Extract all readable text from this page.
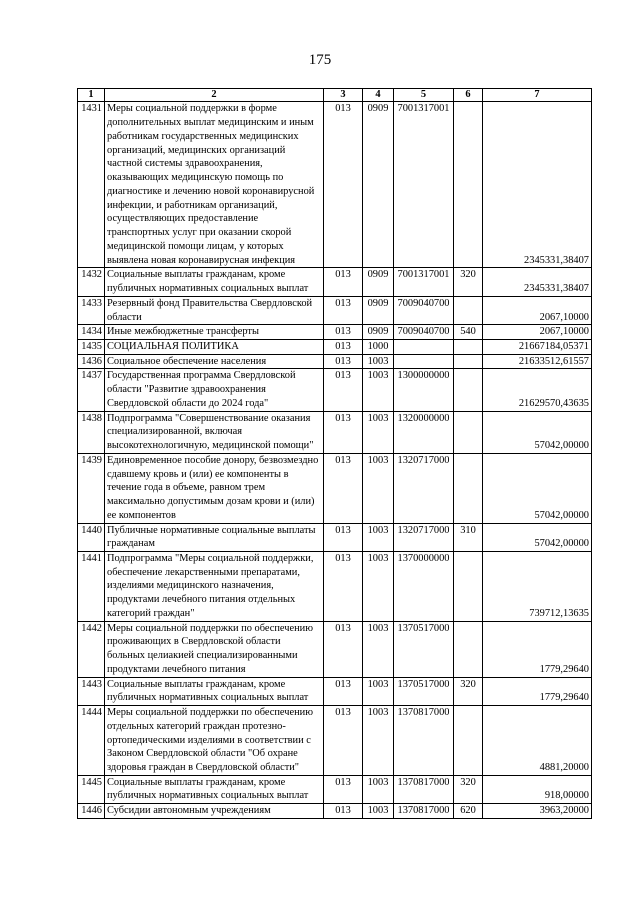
175
1	2	3	4	5	6	7
1431	Меры социальной поддержки в форме дополнительных выплат медицинским и иным работникам государственных медицинских организаций, медицинских организаций частной системы здравоохранения, оказывающих медицинскую помощь по диагностике и лечению новой коронавирусной инфекции, и работникам организаций, осуществляющих предоставление транспортных услуг при оказании скорой медицинской помощи лицам, у которых выявлена новая коронавирусная инфекция	013	0909	7001317001		2345331,38407
1432	Социальные выплаты гражданам, кроме публичных нормативных социальных выплат	013	0909	7001317001	320	2345331,38407
1433	Резервный фонд Правительства Свердловской области	013	0909	7009040700		2067,10000
1434	Иные межбюджетные трансферты	013	0909	7009040700	540	2067,10000
1435	СОЦИАЛЬНАЯ ПОЛИТИКА	013	1000			21667184,05371
1436	Социальное обеспечение населения	013	1003			21633512,61557
1437	Государственная программа Свердловской области "Развитие здравоохранения Свердловской области до 2024 года"	013	1003	1300000000		21629570,43635
1438	Подпрограмма "Совершенствование оказания специализированной, включая высокотехнологичную, медицинской помощи"	013	1003	1320000000		57042,00000
1439	Единовременное пособие донору, безвозмездно сдавшему кровь и (или) ее компоненты в течение года в объеме, равном трем максимально допустимым дозам крови и (или) ее компонентов	013	1003	1320717000		57042,00000
1440	Публичные нормативные социальные выплаты гражданам	013	1003	1320717000	310	57042,00000
1441	Подпрограмма "Меры социальной поддержки, обеспечение лекарственными препаратами, изделиями медицинского назначения, продуктами лечебного питания отдельных категорий граждан"	013	1003	1370000000		739712,13635
1442	Меры социальной поддержки по обеспечению проживающих в Свердловской области больных целиакией специализированными продуктами лечебного питания	013	1003	1370517000		1779,29640
1443	Социальные выплаты гражданам, кроме публичных нормативных социальных выплат	013	1003	1370517000	320	1779,29640
1444	Меры социальной поддержки по обеспечению отдельных категорий граждан протезно-ортопедическими изделиями в соответствии с Законом Свердловской области "Об охране здоровья граждан в Свердловской области"	013	1003	1370817000		4881,20000
1445	Социальные выплаты гражданам, кроме публичных нормативных социальных выплат	013	1003	1370817000	320	918,00000
1446	Субсидии автономным учреждениям	013	1003	1370817000	620	3963,20000
